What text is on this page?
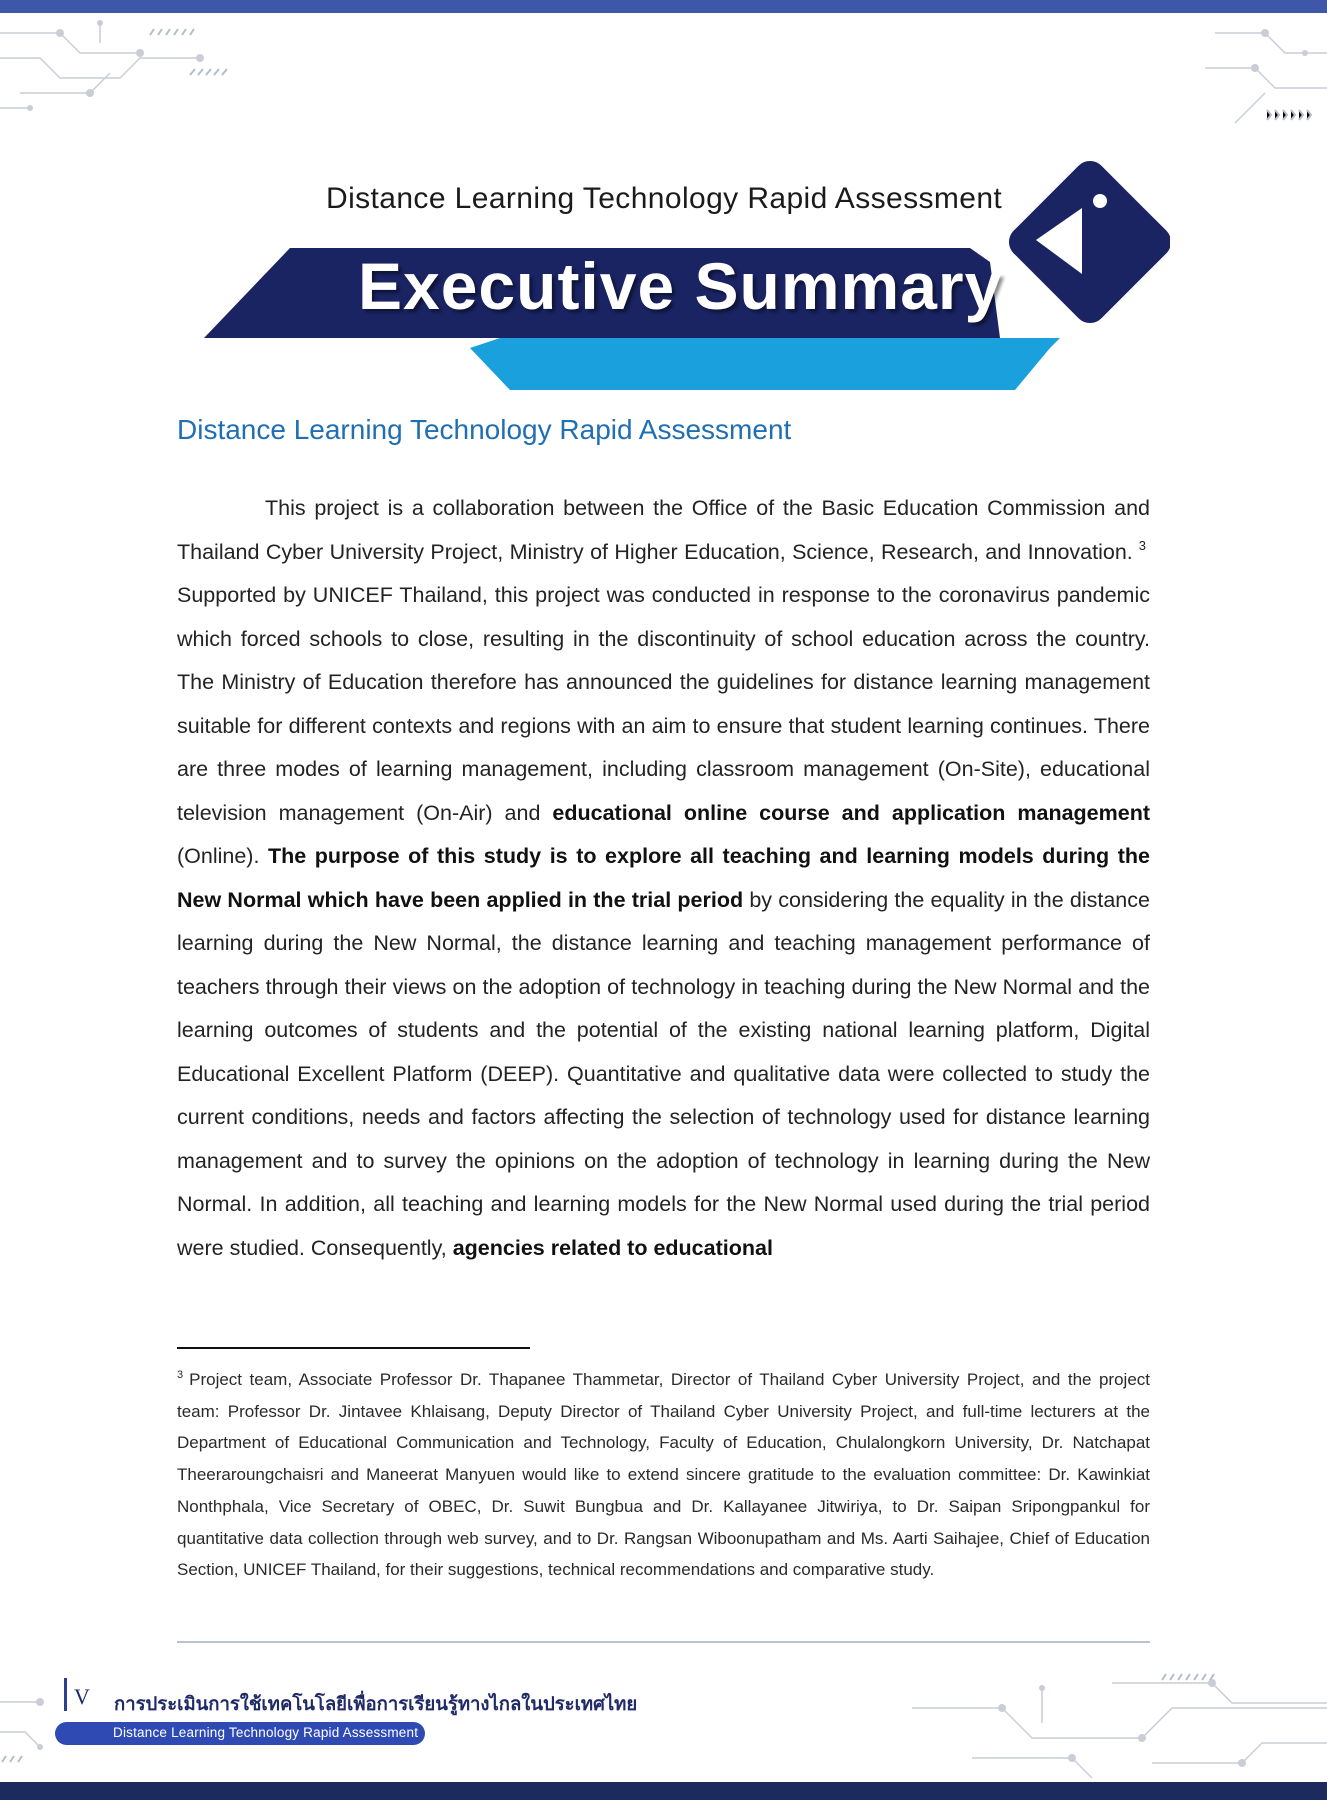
Distance Learning Technology Rapid Assessment
Executive Summary
Distance Learning Technology Rapid Assessment

This project is a collaboration between the Office of the Basic Education Commission and Thailand Cyber University Project, Ministry of Higher Education, Science, Research, and Innovation. $^3$ Supported by UNICEF Thailand, this project was conducted in response to the coronavirus pandemic which forced schools to close, resulting in the discontinuity of school education across the country. The Ministry of Education therefore has announced the guidelines for distance learning management suitable for different contexts and regions with an aim to ensure that student learning continues. There are three modes of learning management, including classroom management (On-Site), educational television management (On-Air) and educational online course and application management (Online). The purpose of this study is to explore all teaching and learning models during the New Normal which have been applied in the trial period by considering the equality in the distance learning during the New Normal, the distance learning and teaching management performance of teachers through their views on the adoption of technology in teaching during the New Normal and the learning outcomes of students and the potential of the existing national learning platform, Digital Educational Excellent Platform (DEEP). Quantitative and qualitative data were collected to study the current conditions, needs and factors affecting the selection of technology used for distance learning management and to survey the opinions on the adoption of technology in learning during the New Normal. In addition, all teaching and learning models for the New Normal used during the trial period were studied. Consequently, agencies related to educational

$^3$ Project team, Associate Professor Dr. Thapanee Thammetar, Director of Thailand Cyber University Project, and the project team: Professor Dr. Jintavee Khlaisang, Deputy Director of Thailand Cyber University Project, and full-time lecturers at the Department of Educational Communication and Technology, Faculty of Education, Chulalongkorn University, Dr. Natchapat Theeraroungchaisri and Maneerat Manyuen would like to extend sincere gratitude to the evaluation committee: Dr. Kawinkiat Nonthphala, Vice Secretary of OBEC, Dr. Suwit Bungbua and Dr. Kallayanee Jitwiriya, to Dr. Saipan Sripongpankul for quantitative data collection through web survey, and to Dr. Rangsan Wiboonupatham and Ms. Aarti Saihajee, Chief of Education Section, UNICEF Thailand, for their suggestions, technical recommendations and comparative study.
V การประเมินการใช้เทคโนโลยีเพื่อการเรียนรู้ทางไกลในประเทศไทย
Distance Learning Technology Rapid Assessment
